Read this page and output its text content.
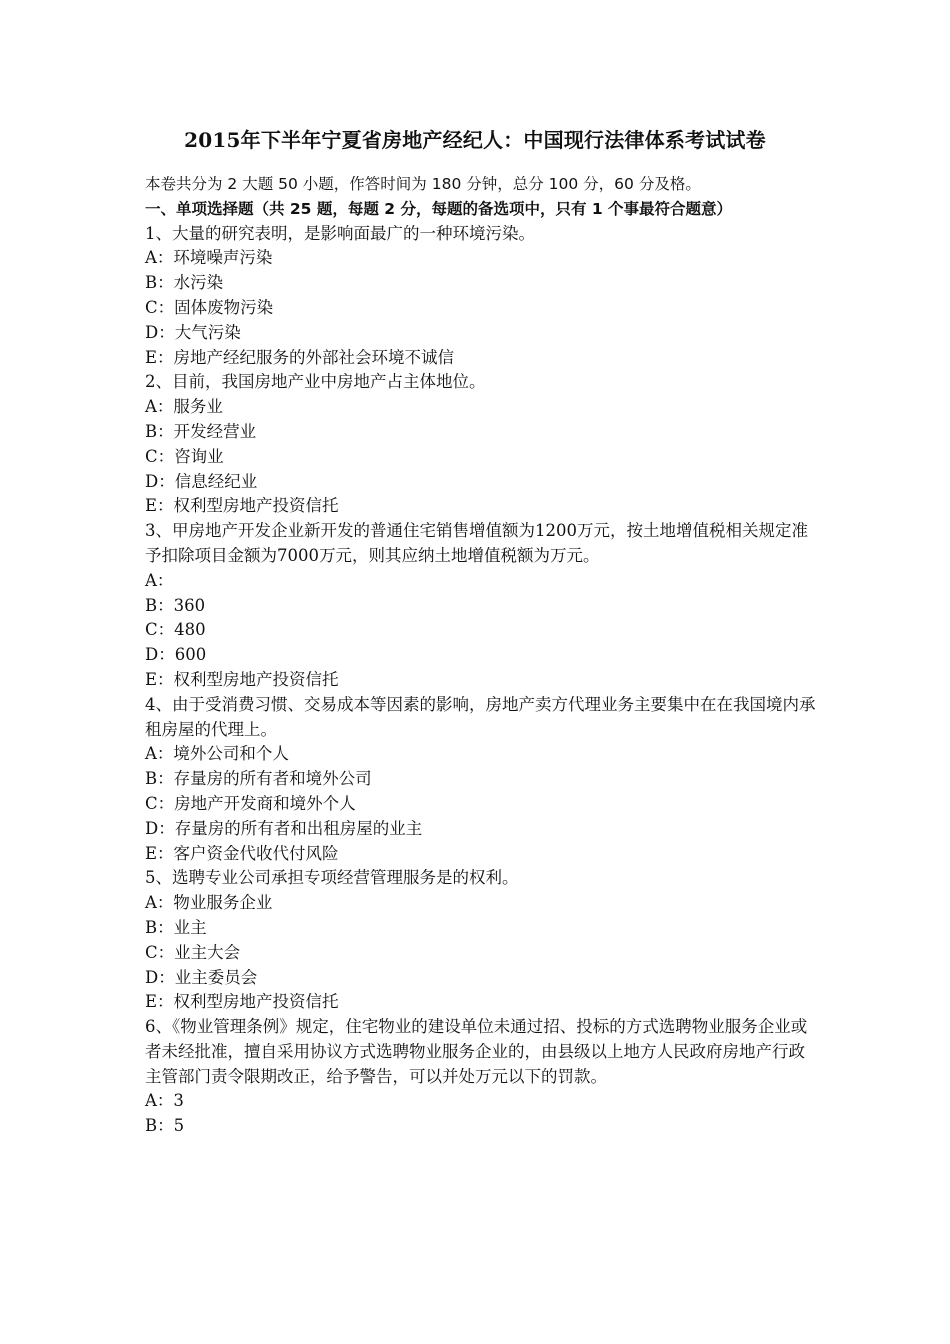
2015年下半年宁夏省房地产经纪人：中国现行法律体系考试试卷

本卷共分为 2 大题 50 小题，作答时间为 180 分钟，总分 100 分，60 分及格。

一、单项选择题（共 25 题，每题 2 分，每题的备选项中，只有 1 个事最符合题意）

1、大量的研究表明，是影响面最广的一种环境污染。

A：环境噪声污染

B：水污染

C：固体废物污染

D：大气污染

E：房地产经纪服务的外部社会环境不诚信

2、目前，我国房地产业中房地产占主体地位。

A：服务业

B：开发经营业

C：咨询业

D：信息经纪业

E：权利型房地产投资信托

3、甲房地产开发企业新开发的普通住宅销售增值额为1200万元，按土地增值税相关规定准予扣除项目金额为7000万元，则其应纳土地增值税额为万元。

A：

B：360

C：480

D：600

E：权利型房地产投资信托

4、由于受消费习惯、交易成本等因素的影响，房地产卖方代理业务主要集中在在我国境内承租房屋的代理上。

A：境外公司和个人

B：存量房的所有者和境外公司

C：房地产开发商和境外个人

D：存量房的所有者和出租房屋的业主

E：客户资金代收代付风险

5、选聘专业公司承担专项经营管理服务是的权利。

A：物业服务企业

B：业主

C：业主大会

D：业主委员会

E：权利型房地产投资信托

6、《物业管理条例》规定，住宅物业的建设单位未通过招、投标的方式选聘物业服务企业或者未经批准，擅自采用协议方式选聘物业服务企业的，由县级以上地方人民政府房地产行政主管部门责令限期改正，给予警告，可以并处万元以下的罚款。

A：3

B：5
